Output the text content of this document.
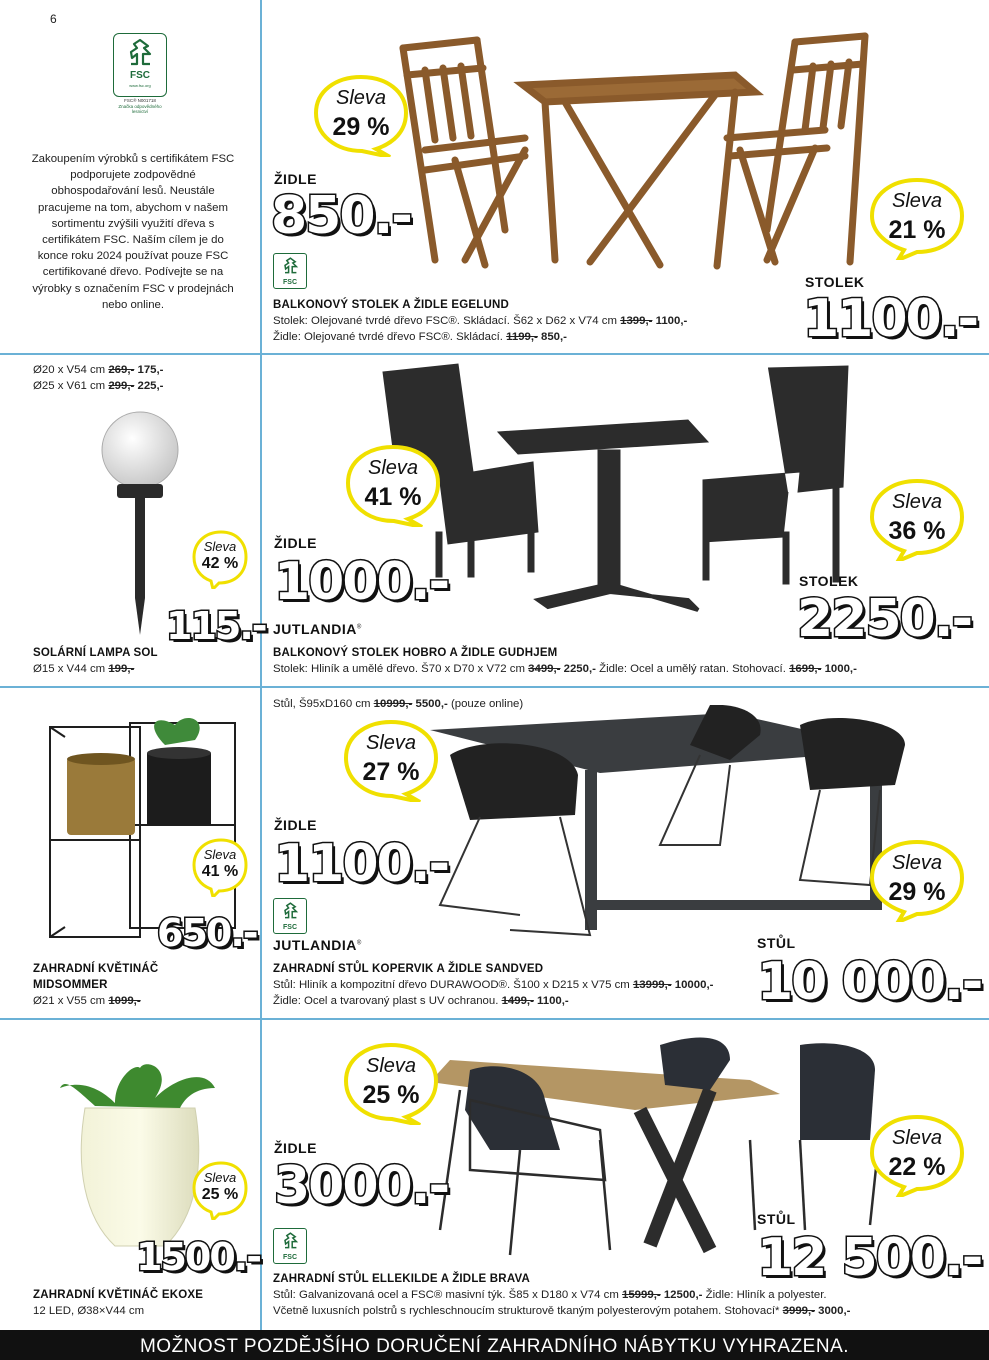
6
FSC
www.fsc.org
FSC® N001718
Značka odpovědného lesnictví
Zakoupením výrobků s certifikátem FSC podporujete zodpovědné obhospodařování lesů. Neustále pracujeme na tom, abychom v našem sortimentu zvýšili využití dřeva s certifikátem FSC. Naším cílem je do konce roku 2024 používat pouze FSC certifikované dřevo. Podívejte se na výrobky s označením FSC v prodejnách nebo online.
Sleva
29 %
ŽIDLE
850.-
FSC
Sleva
21 %
STOLEK
1100.-
BALKONOVÝ STOLEK A ŽIDLE EGELUND
Stolek: Olejované tvrdé dřevo FSC®. Skládací. Š62 x D62 x V74 cm 1399,- 1100,-
Židle: Olejované tvrdé dřevo FSC®. Skládací. 1199,- 850,-
Ø20 x V54 cm 269,- 175,-
Ø25 x V61 cm 299,- 225,-
Sleva
42 %
115.-
SOLÁRNÍ LAMPA SOL
Ø15 x V44 cm 199,-
Sleva
41 %
ŽIDLE
1000.-
JUTLANDIA®
Sleva
36 %
STOLEK
2250.-
BALKONOVÝ STOLEK HOBRO A ŽIDLE GUDHJEM
Stolek: Hliník a umělé dřevo. Š70 x D70 x V72 cm 3499,- 2250,- Židle: Ocel a umělý ratan. Stohovací. 1699,- 1000,-
Sleva
41 %
650.-
ZAHRADNÍ KVĚTINÁČ
MIDSOMMER
Ø21 x V55 cm 1099,-
Stůl, Š95xD160 cm 10999,- 5500,- (pouze online)
Sleva
27 %
ŽIDLE
1100.-
FSC
JUTLANDIA®
Sleva
29 %
STŮL
10 000.-
ZAHRADNÍ STŮL KOPERVIK A ŽIDLE SANDVED
Stůl: Hliník a kompozitní dřevo DURAWOOD®. Š100 x D215 x V75 cm 13999,- 10000,-
Židle: Ocel a tvarovaný plast s UV ochranou. 1499,- 1100,-
Sleva
25 %
1500.-
ZAHRADNÍ KVĚTINÁČ EKOXE
12 LED, Ø38×V44 cm
Sleva
25 %
ŽIDLE
3000.-
FSC
Sleva
22 %
STŮL
12 500.-
ZAHRADNÍ STŮL ELLEKILDE A ŽIDLE BRAVA
Stůl: Galvanizovaná ocel a FSC® masivní týk. Š85 x D180 x V74 cm 15999,- 12500,- Židle: Hliník a polyester.
Včetně luxusních polstrů s rychleschnoucím strukturově tkaným polyesterovým potahem. Stohovací* 3999,- 3000,-
MOŽNOST POZDĚJŠÍHO DORUČENÍ ZAHRADNÍHO NÁBYTKU VYHRAZENA.
